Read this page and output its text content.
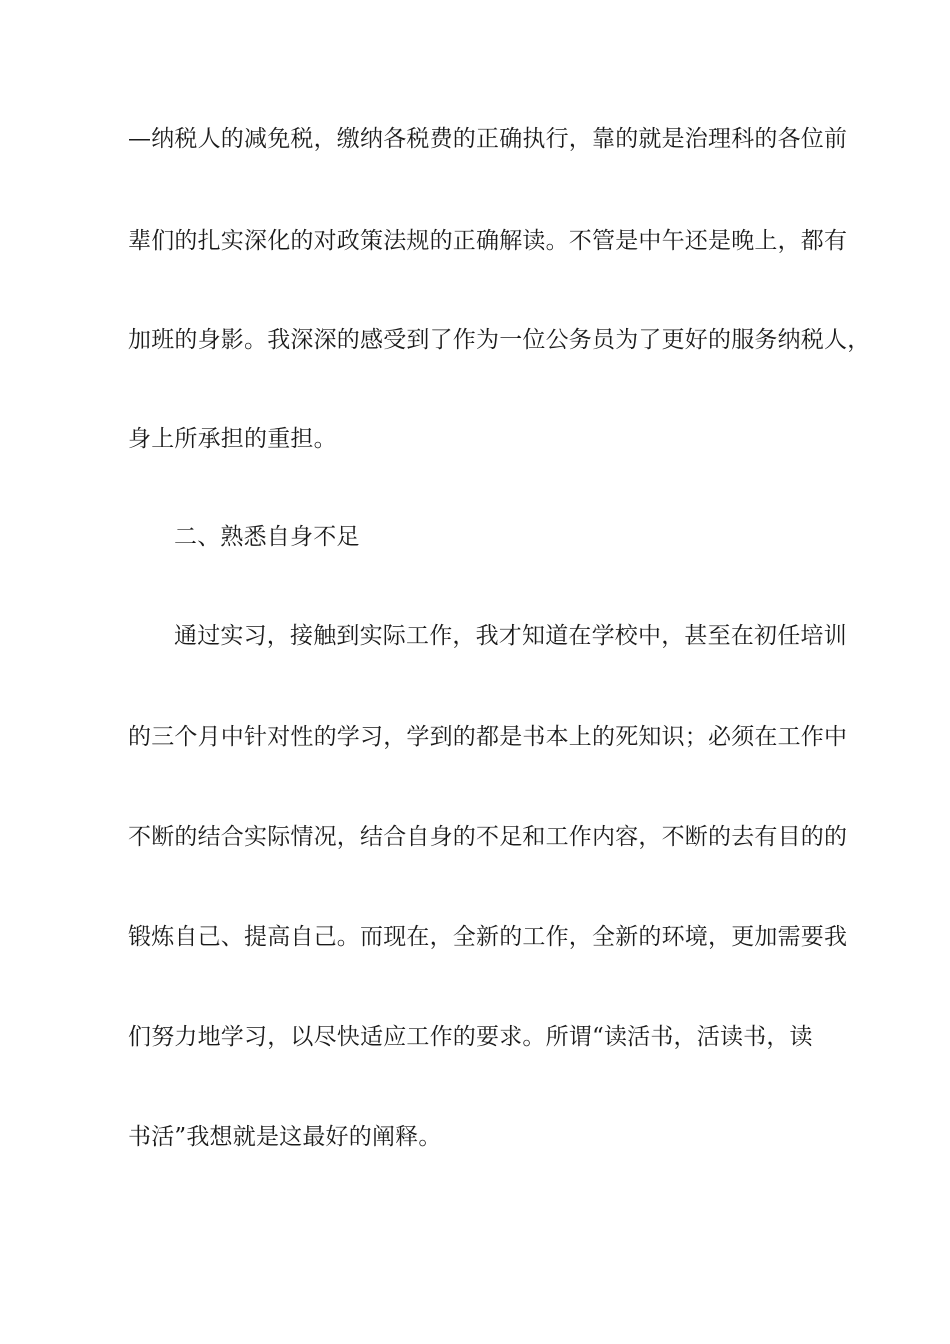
—纳税人的减免税，缴纳各税费的正确执行，靠的就是治理科的各位前
辈们的扎实深化的对政策法规的正确解读。不管是中午还是晚上，都有
加班的身影。我深深的感受到了作为一位公务员为了更好的服务纳税人，
身上所承担的重担。
二、熟悉自身不足
通过实习，接触到实际工作，我才知道在学校中，甚至在初任培训
的三个月中针对性的学习，学到的都是书本上的死知识；必须在工作中
不断的结合实际情况，结合自身的不足和工作内容，不断的去有目的的
锻炼自己、提高自己。而现在，全新的工作，全新的环境，更加需要我
们努力地学习，以尽快适应工作的要求。所谓“读活书，活读书，读
书活”我想就是这最好的阐释。
